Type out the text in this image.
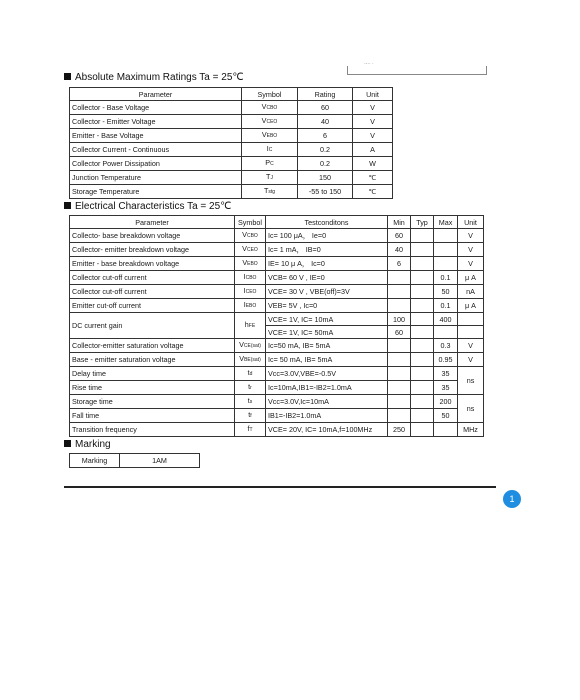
·-·· ·
Absolute Maximum Ratings Ta = 25℃
Parameter	Symbol	Rating	Unit
Collector - Base Voltage	VCBO	60	V
Collector - Emitter Voltage	VCEO	40	V
Emitter - Base Voltage	VEBO	6	V
Collector Current - Continuous	IC	0.2	A
Collector Power Dissipation	PC	0.2	W
Junction Temperature	TJ	150	℃
Storage Temperature	Tstg	-55 to 150	℃
Electrical Characteristics Ta = 25℃
Parameter	Symbol	Testconditons	Min	Typ	Max	Unit
Collecto- base breakdown voltage	VCBO	Ic= 100 μA， Ie=0	60			V
Collector- emitter breakdown voltage	VCEO	Ic= 1 mA， IB=0	40			V
Emitter - base breakdown voltage	VEBO	IE= 10 μ A， Ic=0	6			V
Collector cut-off current	ICBO	VCB= 60 V , IE=0			0.1	μ A
Collector cut-off current	ICEO	VCE= 30 V , VBE(off)=3V			50	nA
Emitter cut-off current	IEBO	VEB= 5V , Ic=0			0.1	μ A
DC current gain	hFE	VCE= 1V, IC= 10mA	100		400	
		VCE= 1V, IC= 50mA	60			
Collector-emitter saturation voltage	VCE(sat)	Ic=50 mA, IB= 5mA			0.3	V
Base - emitter saturation voltage	VBE(sat)	Ic= 50 mA, IB= 5mA			0.95	V
Delay time	td	Vcc=3.0V,VBE=-0.5V			35	ns
Rise time	tr	Ic=10mA,IB1=-IB2=1.0mA			35	
Storage time	ts	Vcc=3.0V,Ic=10mA			200	ns
Fall time	tf	IB1=-IB2=1.0mA			50	
Transition frequency	fT	VCE= 20V, IC= 10mA,f=100MHz	250			MHz
Marking
Marking	1AM
1
